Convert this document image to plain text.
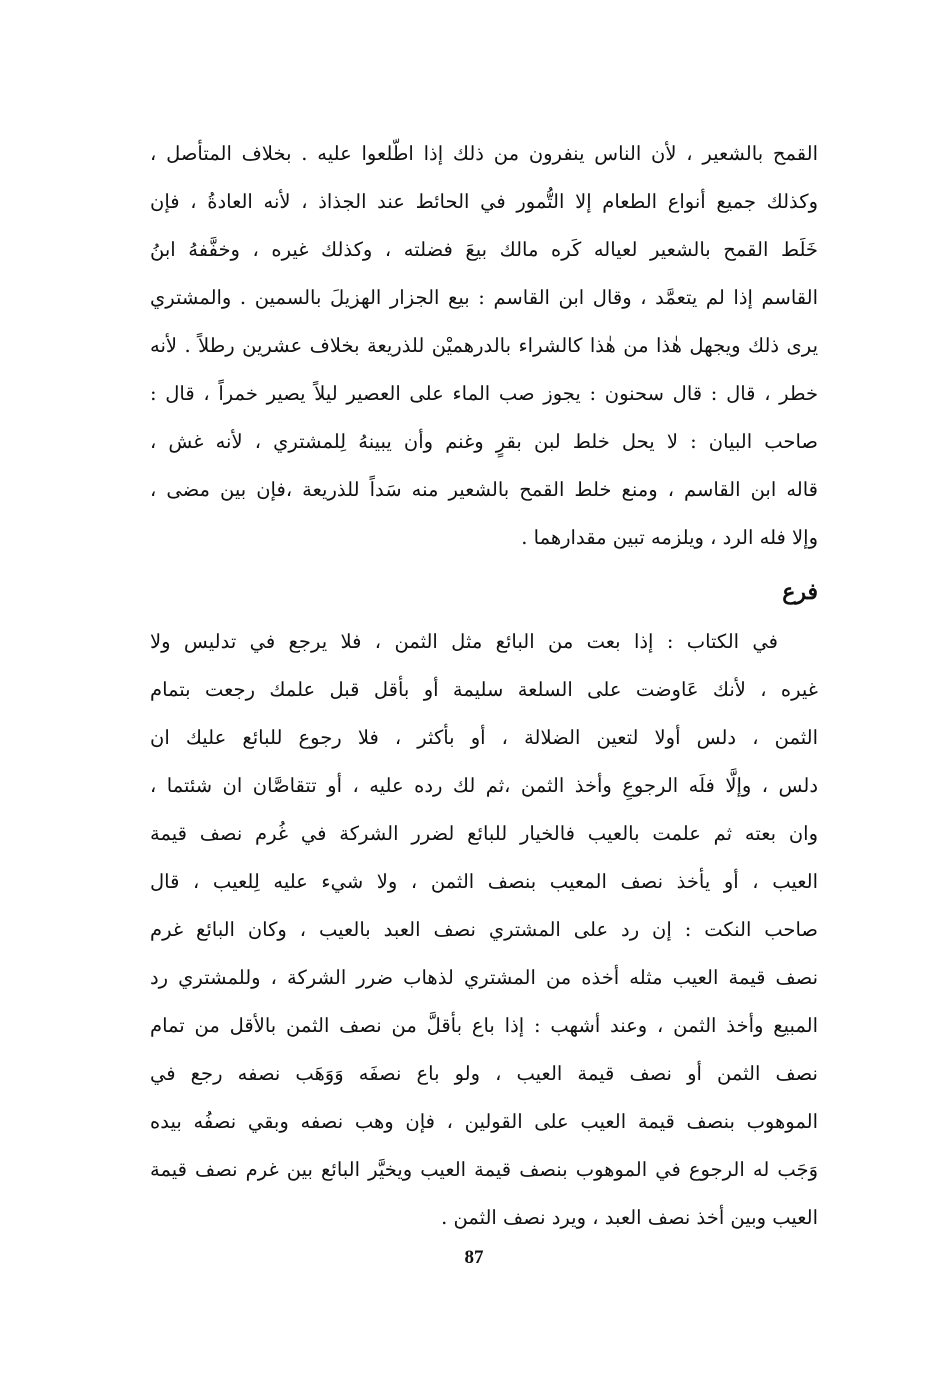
القمح بالشعير ، لأن الناس ينفرون من ذلك إذا اطّلعوا عليه . بخلاف المتأصل ،
وكذلك جميع أنواع الطعام إلا التُّمور في الحائط عند الجذاذ ، لأنه العادةُ ، فإن
خَلَط القمح بالشعير لعياله كَره مالك بيعَ فضلته ، وكذلك غيره ، وخفَّفهُ ابنُ
القاسم إذا لم يتعمَّد ، وقال ابن القاسم : بيع الجزار الهزيلَ بالسمين . والمشتري
يرى ذلك ويجهل هٰذا من هٰذا كالشراء بالدرهميْن للذريعة بخلاف عشرين رطلاً . لأنه
خطر ، قال : قال سحنون : يجوز صب الماء على العصير ليلاً يصير خمراً ، قال :
صاحب البيان : لا يحل خلط لبن بقرٍ وغنم وأن يبينهُ لِلمشتري ، لأنه غش ،
قاله ابن القاسم ، ومنع خلط القمح بالشعير منه سَداً للذريعة ،فإن بين مضى ،
وإلا فله الرد ، ويلزمه تبين مقدارهما .
فرع
في الكتاب : إذا بعت من البائع مثل الثمن ، فلا يرجع في تدليس ولا
غيره ، لأنك عَاوضت على السلعة سليمة أو بأقل قبل علمك رجعت بتمام
الثمن ، دلس أولا لتعين الضلالة ، أو بأكثر ، فلا رجوع للبائع عليك ان
دلس ، وإلَّا فلَه الرجوعِ وأخذ الثمن ،ثم لك رده عليه ، أو تتقاصَّان ان شئتما ،
وان بعته ثم علمت بالعيب فالخيار للبائع لضرر الشركة في غُرم نصف قيمة
العيب ، أو يأخذ نصف المعيب بنصف الثمن ، ولا شيء عليه لِلعيب ، قال
صاحب النكت : إن رد على المشتري نصف العبد بالعيب ، وكان البائع غرم
نصف قيمة العيب مثله أخذه من المشتري لذهاب ضرر الشركة ، وللمشتري رد
المبيع وأخذ الثمن ، وعند أشهب : إذا باع بأقلَّ من نصف الثمن بالأقل من تمام
نصف الثمن أو نصف قيمة العيب ، ولو باع نصفَه وَوَهَب نصفه رجع في
الموهوب بنصف قيمة العيب على القولين ، فإن وهب نصفه وبقي نصفُه بيده
وَجَب له الرجوع في الموهوب بنصف قيمة العيب ويخيَّر البائع بين غرم نصف قيمة
العيب وبين أخذ نصف العبد ، ويرد نصف الثمن .
87
